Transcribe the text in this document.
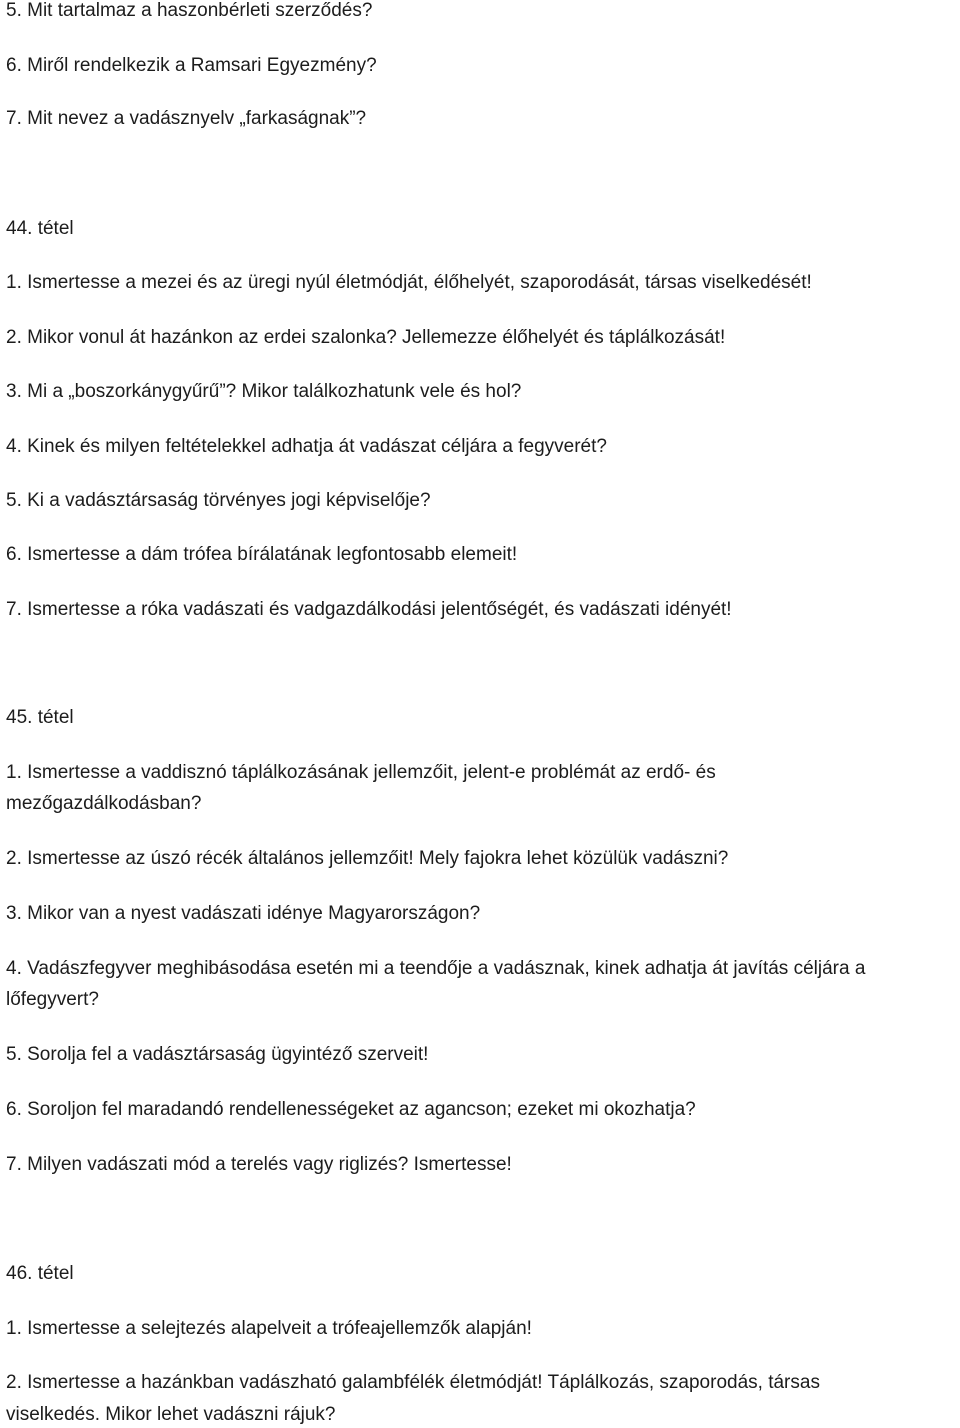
5. Mit tartalmaz a haszonbérleti szerződés?
6. Miről rendelkezik a Ramsari Egyezmény?
7. Mit nevez a vadásznyelv „farkaságnak”?
44. tétel
1. Ismertesse a mezei és az üregi nyúl életmódját, élőhelyét, szaporodását, társas viselkedését!
2. Mikor vonul át hazánkon az erdei szalonka? Jellemezze élőhelyét és táplálkozását!
3. Mi a „boszorkánygyűrű”? Mikor találkozhatunk vele és hol?
4. Kinek és milyen feltételekkel adhatja át vadászat céljára a fegyverét?
5. Ki a vadásztársaság törvényes jogi képviselője?
6. Ismertesse a dám trófea bírálatának legfontosabb elemeit!
7. Ismertesse a róka vadászati és vadgazdálkodási jelentőségét, és vadászati idényét!
45. tétel
1. Ismertesse a vaddisznó táplálkozásának jellemzőit, jelent-e problémát az erdő- és
mezőgazdálkodásban?
2. Ismertesse az úszó récék általános jellemzőit! Mely fajokra lehet közülük vadászni?
3. Mikor van a nyest vadászati idénye Magyarországon?
4. Vadászfegyver meghibásodása esetén mi a teendője a vadásznak, kinek adhatja át javítás céljára a
lőfegyvert?
5. Sorolja fel a vadásztársaság ügyintéző szerveit!
6. Soroljon fel maradandó rendellenességeket az agancson; ezeket mi okozhatja?
7. Milyen vadászati mód a terelés vagy riglizés? Ismertesse!
46. tétel
1. Ismertesse a selejtezés alapelveit a trófeajellemzők alapján!
2. Ismertesse a hazánkban vadászható galambfélék életmódját! Táplálkozás, szaporodás, társas
viselkedés. Mikor lehet vadászni rájuk?
